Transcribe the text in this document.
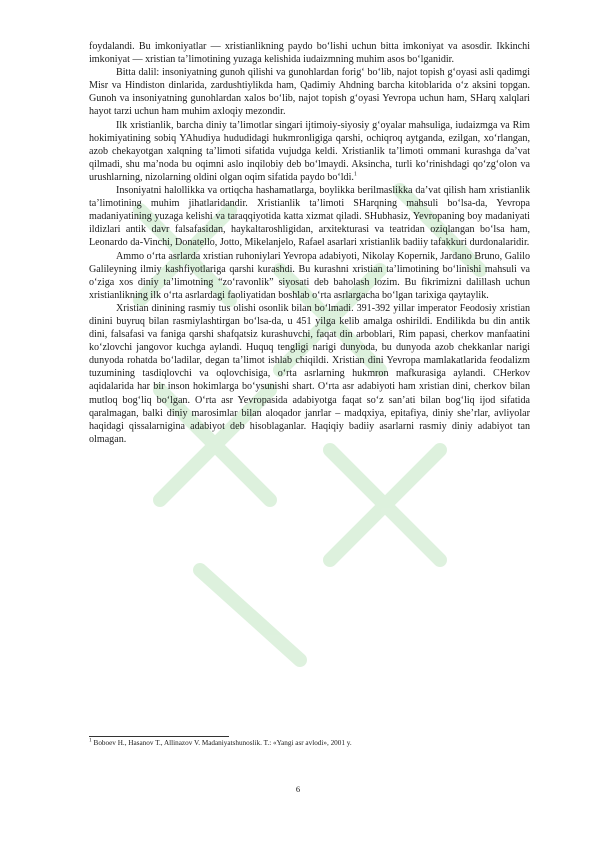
foydalandi. Bu imkoniyatlar — xristianlikning paydo bo‘lishi uchun bitta imkoniyat va asosdir. Ikkinchi imkoniyat — xristian ta’limotining yuzaga kelishida iudaizmning muhim asos bo‘lganidir.

Bitta dalil: insoniyatning gunoh qilishi va gunohlardan forig‘ bo‘lib, najot topish g‘oyasi asli qadimgi Misr va Hindiston dinlarida, zardushtiylikda ham, Qadimiy Ahdning barcha kitoblarida o‘z aksini topgan. Gunoh va insoniyatning gunohlardan xalos bo‘lib, najot topish g‘oyasi Yevropa uchun ham, SHarq xalqlari hayot tarzi uchun ham muhim axloqiy mezondir.

Ilk xristianlik, barcha diniy ta’limotlar singari ijtimoiy-siyosiy g‘oyalar mahsuliga, iudaizmga va Rim hokimiyatining sobiq YAhudiya hududidagi hukmronligiga qarshi, ochiqroq aytganda, ezilgan, xo‘rlangan, azob chekayotgan xalqning ta’limoti sifatida vujudga keldi. Xristianlik ta’limoti ommani kurashga da’vat qilmadi, shu ma’noda bu oqimni aslo inqilobiy deb bo‘lmaydi. Aksincha, turli ko‘rinishdagi qo‘zg‘olon va urushlarning, nizolarning oldini olgan oqim sifatida paydo bo‘ldi.$^1$

Insoniyatni halollikka va ortiqcha hashamatlarga, boylikka berilmaslikka da’vat qilish ham xristianlik ta’limotining muhim jihatlaridandir. Xristianlik ta’limoti SHarqning mahsuli bo‘lsa-da, Yevropa madaniyatining yuzaga kelishi va taraqqiyotida katta xizmat qiladi. SHubhasiz, Yevropaning boy madaniyati ildizlari antik davr falsafasidan, haykaltaroshligidan, arxitekturasi va teatridan oziqlangan bo‘lsa ham, Leonardo da-Vinchi, Donatello, Jotto, Mikelanjelo, Rafael asarlari xristianlik badiiy tafakkuri durdonalaridir.

Ammo o‘rta asrlarda xristian ruhoniylari Yevropa adabiyoti, Nikolay Kopernik, Jardano Bruno, Galilo Galileyning ilmiy kashfiyotlariga qarshi kurashdi. Bu kurashni xristian ta’limotining bo‘linishi mahsuli va o‘ziga xos diniy ta’limotning “zo‘ravonlik” siyosati deb baholash lozim. Bu fikrimizni dalillash uchun xristianlikning ilk o‘rta asrlardagi faoliyatidan boshlab o‘rta asrlargacha bo‘lgan tarixiga qaytaylik.

Xristian dinining rasmiy tus olishi osonlik bilan bo‘lmadi. 391-392 yillar imperator Feodosiy xristian dinini buyruq bilan rasmiylashtirgan bo‘lsa-da, u 451 yilga kelib amalga oshirildi. Endilikda bu din antik dini, falsafasi va faniga qarshi shafqatsiz kurashuvchi, faqat din arboblari, Rim papasi, cherkov manfaatini ko‘zlovchi jangovor kuchga aylandi. Huquq tengligi narigi dunyoda, bu dunyoda azob chekkanlar narigi dunyoda rohatda bo‘ladilar, degan ta’limot ishlab chiqildi. Xristian dini Yevropa mamlakatlarida feodalizm tuzumining tasdiqlovchi va oqlovchisiga, o‘rta asrlarning hukmron mafkurasiga aylandi. CHerkov aqidalarida har bir inson hokimlarga bo‘ysunishi shart. O‘rta asr adabiyoti ham xristian dini, cherkov bilan mutloq bog‘liq bo‘lgan. O‘rta asr Yevropasida adabiyotga faqat so‘z san’ati bilan bog‘liq ijod sifatida qaralmagan, balki diniy marosimlar bilan aloqador janrlar – madqxiya, epitafiya, diniy she’rlar, avliyolar haqidagi qissalarnigina adabiyot deb hisoblaganlar. Haqiqiy badiiy asarlarni rasmiy diniy adabiyot tan olmagan.

$^1$ Boboev H., Hasanov T., Allinazov V. Madaniyatshunoslik. T.: «Yangi asr avlodi», 2001 y.
6
